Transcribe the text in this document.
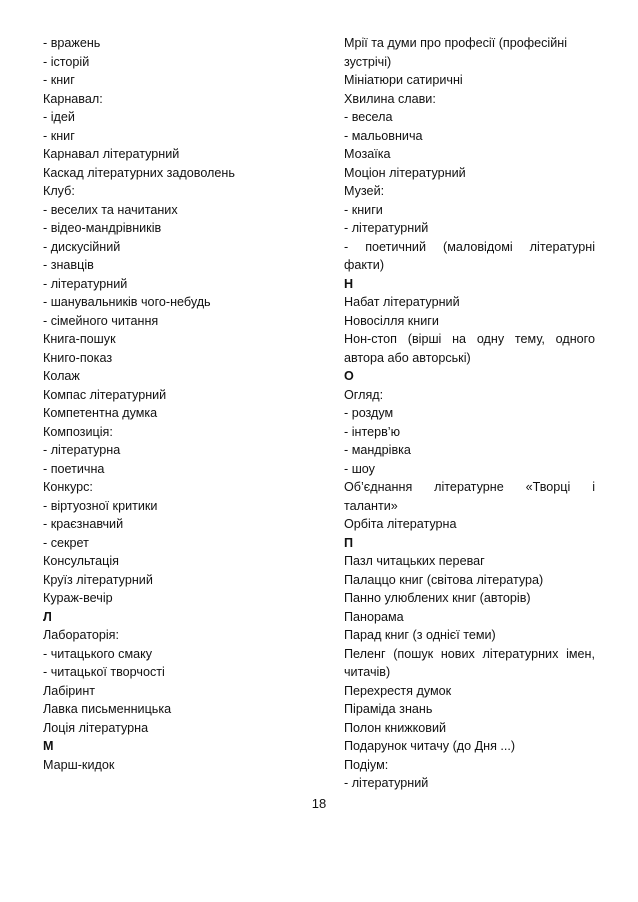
- вражень
- історій
- книг
Карнавал:
- ідей
- книг
Карнавал літературний
Каскад літературних задоволень
Клуб:
- веселих та начитаних
- відео-мандрівників
- дискусійний
- знавців
- літературний
- шанувальників чого-небудь
- сімейного читання
Книга-пошук
Книго-показ
Колаж
Компас літературний
Компетентна думка
Композиція:
- літературна
- поетична
Конкурс:
- віртуозної критики
- краєзнавчий
- секрет
Консультація
Круїз літературний
Кураж-вечір
Л
Лабораторія:
- читацького смаку
- читацької творчості
Лабіринт
Лавка письменницька
Лоція літературна
М
Марш-кидок
Мрії та думи про професії (професійні зустрічі)
Мініатюри сатиричні
Хвилина слави:
- весела
- мальовнича
Мозаїка
Моціон літературний
Музей:
- книги
- літературний
- поетичний (маловідомі літературні факти)
Н
Набат літературний
Новосілля книги
Нон-стоп (вірші на одну тему, одного автора або авторські)
О
Огляд:
- роздум
- інтерв’ю
- мандрівка
- шоу
Об’єднання літературне «Творці і таланти»
Орбіта літературна
П
Пазл читацьких переваг
Палаццо книг (світова література)
Панно улюблених книг (авторів)
Панорама
Парад книг (з однієї теми)
Пеленг (пошук нових літературних імен, читачів)
Перехрестя думок
Піраміда знань
Полон книжковий
Подарунок читачу (до Дня ...)
Подіум:
- літературний
18
